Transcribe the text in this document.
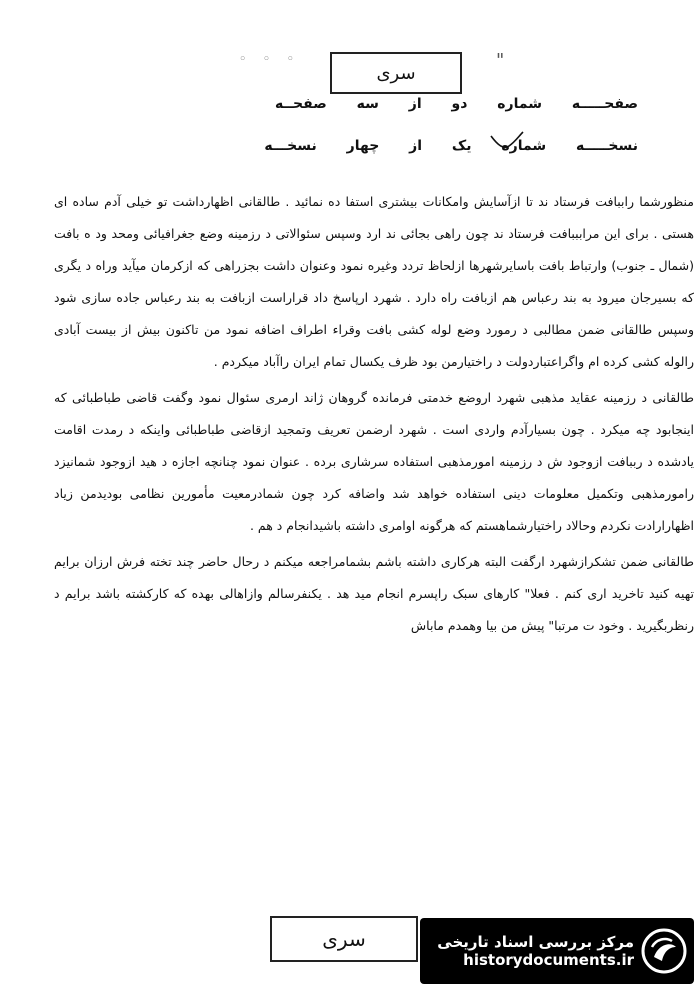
"
◦ ◦ ◦
سری
صفحـــــه شماره دو از سه صفحــه
نسخـــــه شماره یک از چهار نسخـــه

منظورشما راببافت فرستاد ند تا ازآسایش وامکانات بیشتری استفا ده نمائید . طالقانی اظهارداشت تو خیلی آدم ساده ای هستی . برای این مرابببافت فرستاد ند چون راهی بجائی ند ارد وسپس سئوالاتی د رزمینه وضع جغرافیائی ومحد ود ه بافت (شمال ـ جنوب) وارتباط بافت باسایرشهرها ازلحاظ تردد وغیره نمود وعنوان داشت بجزراهی که ازکرمان میآید وراه د یگری که بسیرجان میرود به بند رعباس هم ازبافت راه دارد . شهرد ارپاسخ داد قراراست ازبافت به بند رعباس جاده سازی شود وسپس طالقانی ضمن مطالبی د رمورد وضع لوله کشی بافت وقراء اطراف اضافه نمود من تاکنون بیش از بیست آبادی رالوله کشی کرده ام واگراعتباردولت د راختیارمن بود ظرف یکسال تمام ایران راآباد میکردم .

طالقانی د رزمینه عقاید مذهبی شهرد اروضع خدمتی فرمانده گروهان ژاند ارمری سئوال نمود وگفت قاضی طباطبائی که اینجابود چه میکرد . چون بسیارآدم واردی است . شهرد ارضمن تعریف وتمجید ازقاضی طباطبائی واینکه د رمدت اقامت یادشده د رببافت ازوجود ش د رزمینه امورمذهبی استفاده سرشاری برده . عنوان نمود چنانچه اجازه د هید ازوجود شمانیزد رامورمذهبی وتکمیل معلومات دینی استفاده خواهد شد واضافه کرد چون شمادرمعیت مأمورین نظامی بودیدمن زیاد اظهارارادت نکردم وحالاد راختیارشماهستم که هرگونه اوامری داشته باشیدانجام د هم .

طالقانی ضمن تشکرازشهرد ارگفت البته هرکاری داشته باشم بشمامراجعه میکنم د رحال حاضر چند تخته فرش ارزان برایم تهیه کنید تاخرید اری کنم . فعلا" کارهای سبک راپسرم انجام مید هد . یکنفرسالم وازاهالی بهده که کارکشته باشد برایم د رنظربگیرید . وخود ت مرتبا" پیش من بیا وهمدم ماباش

سری	مرکز بررسی اسناد تاریخی
historydocuments.ir
